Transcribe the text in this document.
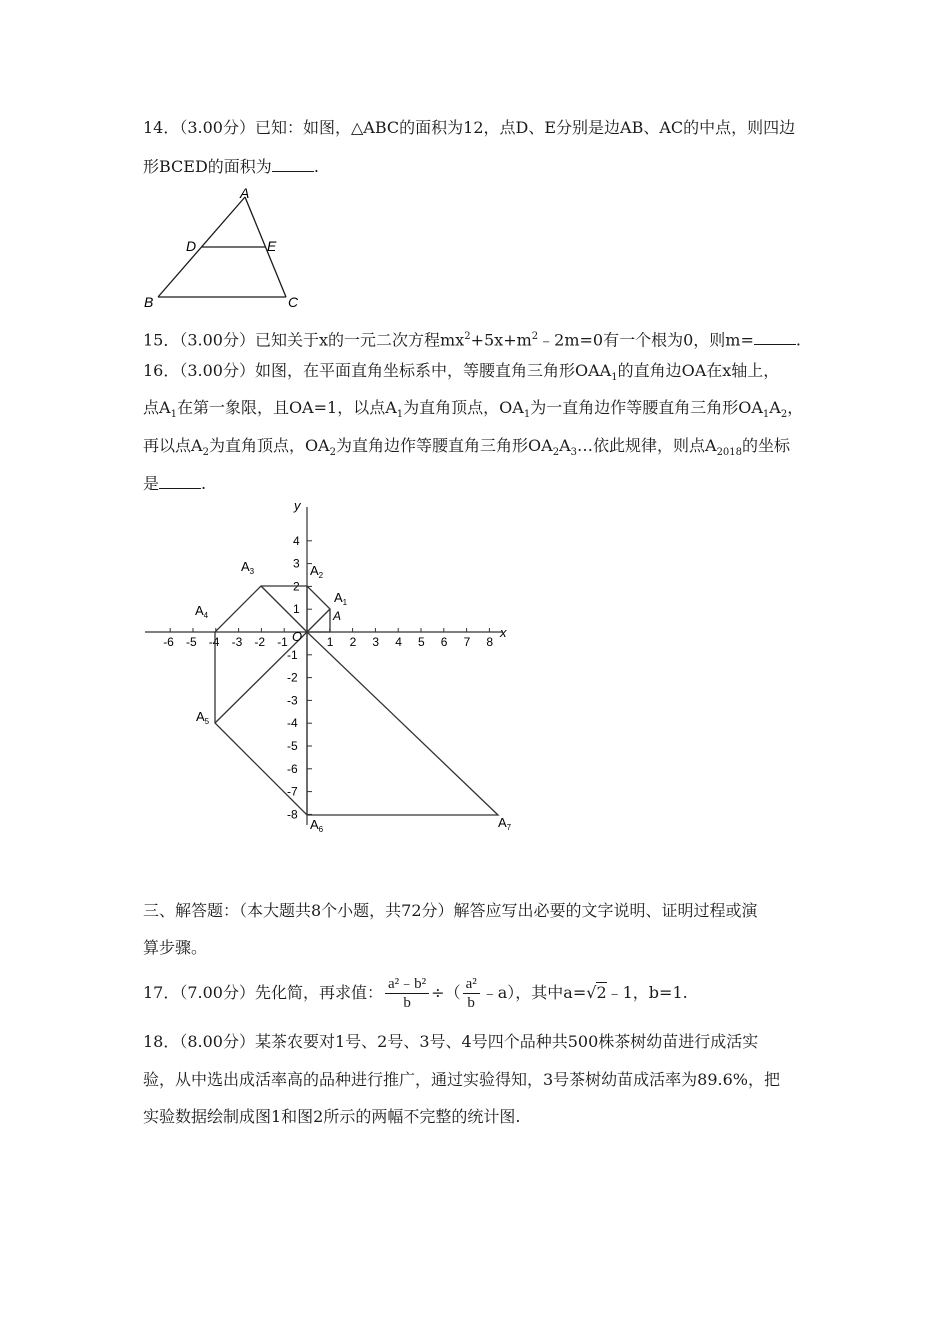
14．（3.00分）已知：如图，△ABC的面积为12，点D、E分别是边AB、AC的中点，则四边
形BCED的面积为	.
A
D	E
B	C
15．（3.00分）已知关于x的一元二次方程$mx^2+5x+m^2﹣2m=0$有一个根为0，则m=	.
16．（3.00分）如图，在平面直角坐标系中，等腰直角三角形$OAA_1$的直角边OA在x轴上，
点$A_1$在第一象限，且OA=1，以点$A_1$为直角顶点，$OA_1$为一直角边作等腰直角三角形$OA_1A_2$，
再以点$A_2$为直角顶点，$OA_2$为直角边作等腰直角三角形$OA_2A_3\dots$依此规律，则点$A_{2018}$的坐标
是	.
-6 -5 -4 -3 -2 -1	1 2 3 4 5 6 7 8
4
3
2
1
-1
-2
-3
-4
-5
-6
-7
-8
x
y
O
A
$A_1$
$A_2$
$A_3$
$A_4$
$A_5$
$A_6$	$A_7$
三、解答题：（本大题共8个小题，共72分）解答应写出必要的文字说明、证明过程或演
算步骤。
17．（7.00分）先化简，再求值： $\frac{\text{a²﹣b²}}{b}$ ÷（ $\frac{\text{a²}}{b}$ ﹣a），其中a=√2﹣1，b=1.
18．（8.00分）某茶农要对1号、2号、3号、4号四个品种共500株茶树幼苗进行成活实
验，从中选出成活率高的品种进行推广，通过实验得知，3号茶树幼苗成活率为89.6%，把
实验数据绘制成图1和图2所示的两幅不完整的统计图.
